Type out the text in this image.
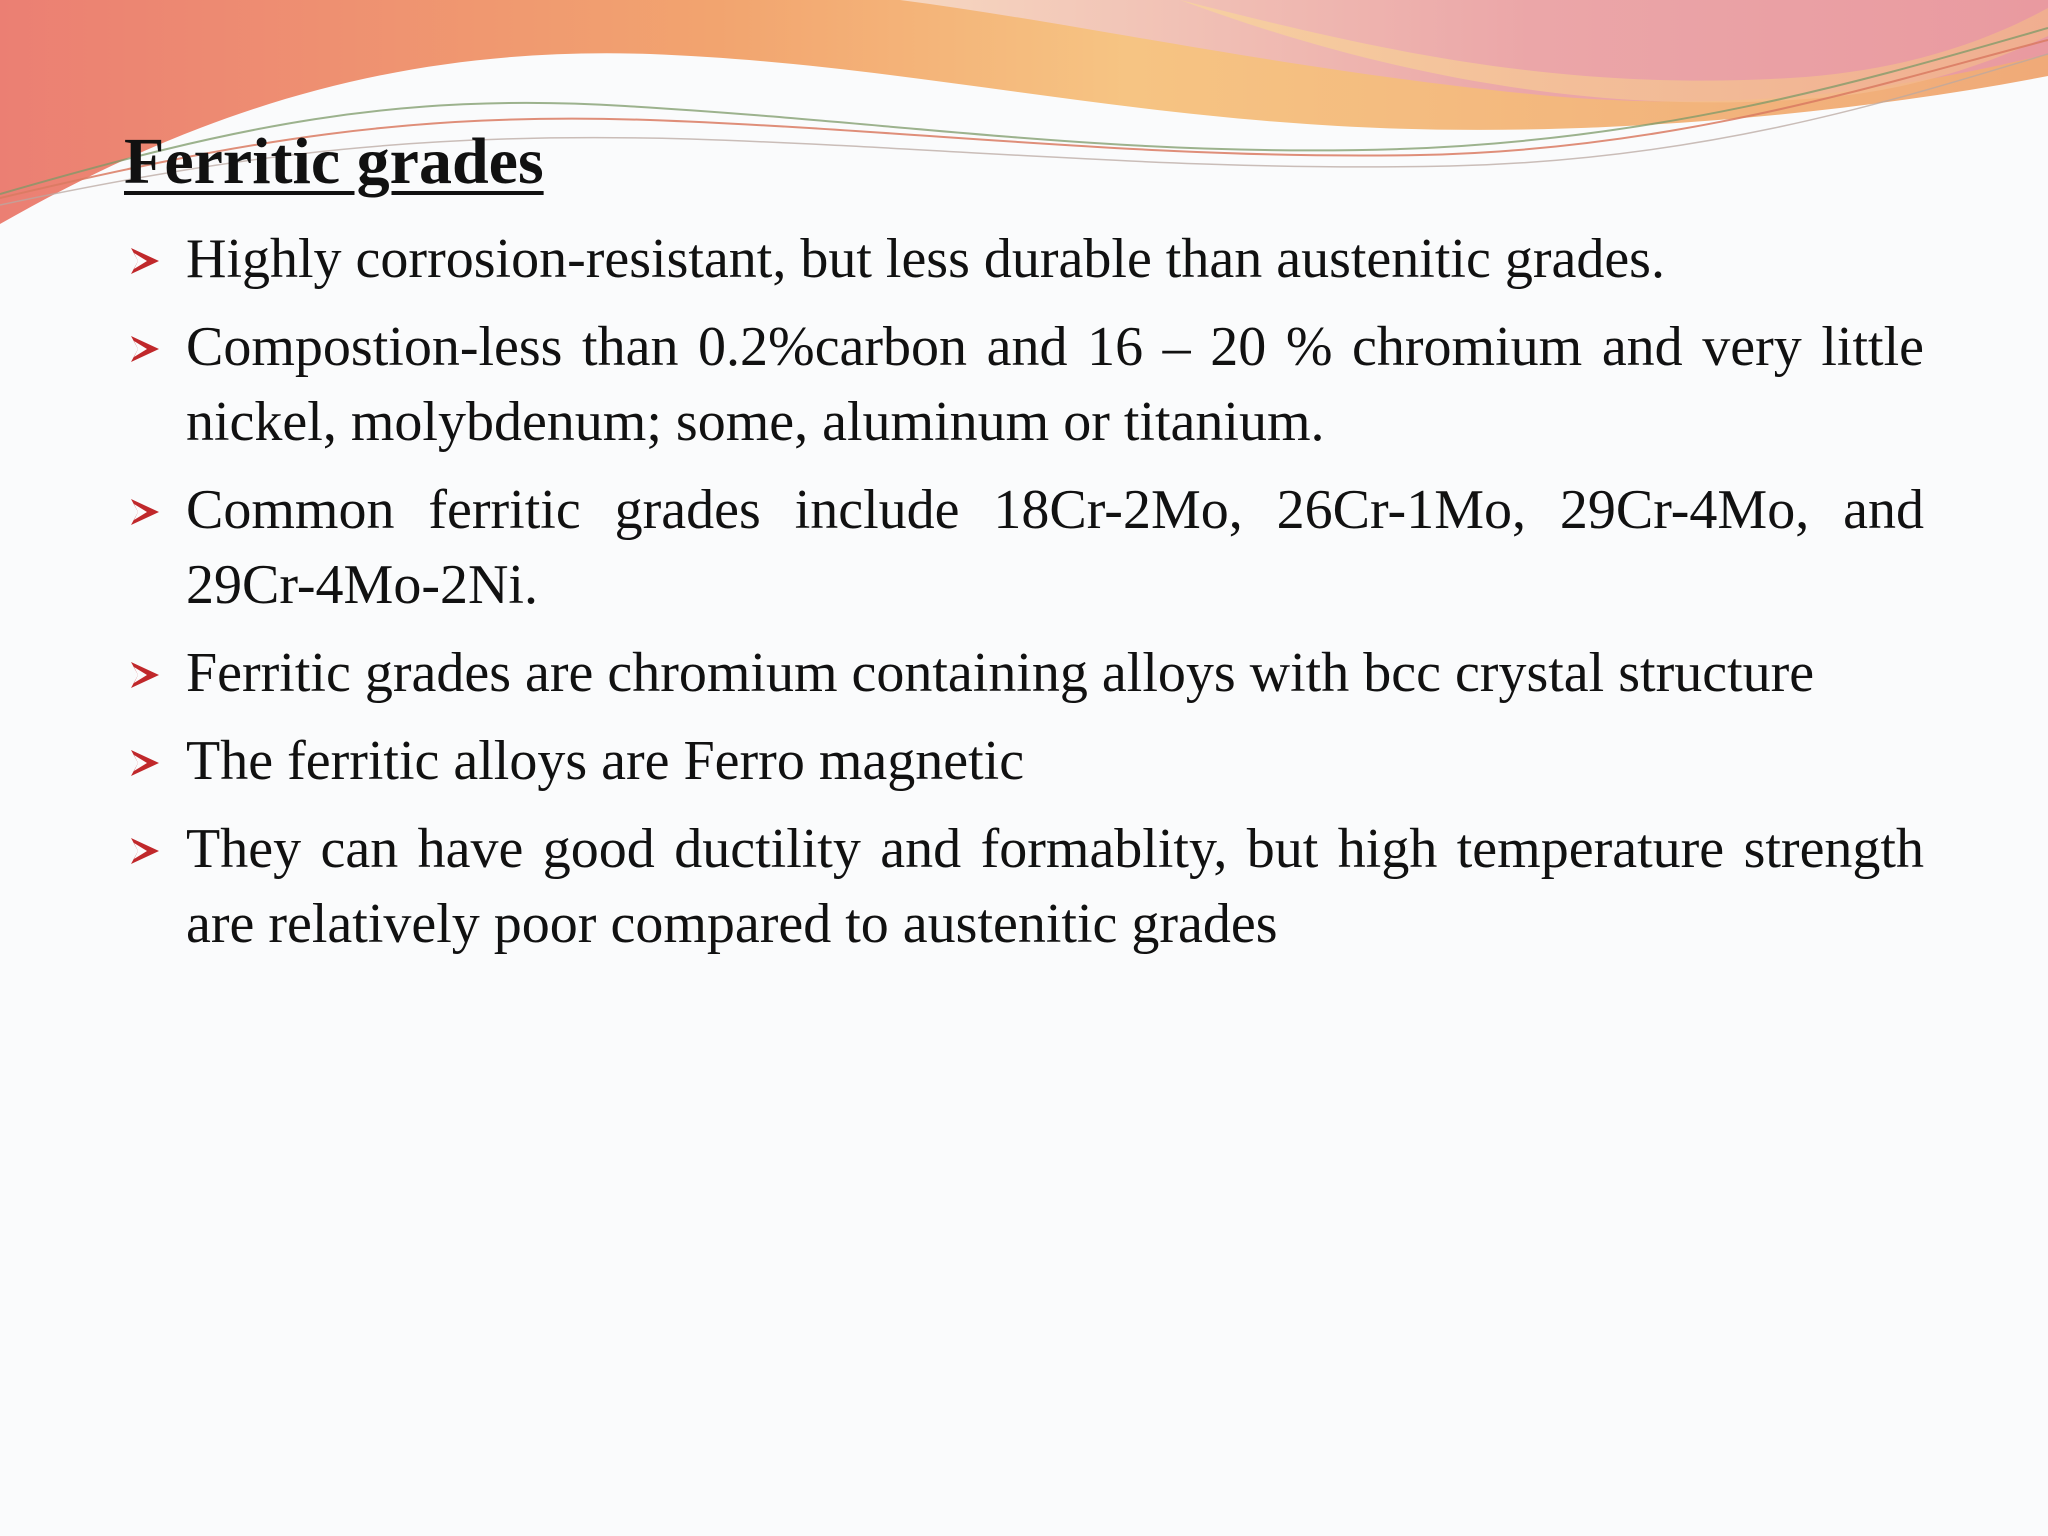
Ferritic grades
Highly corrosion-resistant, but less durable than austenitic grades.
Compostion-less than 0.2%carbon and 16 – 20 % chromium and very little nickel, molybdenum; some, aluminum or titanium.
Common ferritic grades include 18Cr-2Mo, 26Cr-1Mo, 29Cr-4Mo, and 29Cr-4Mo-2Ni.
Ferritic grades are chromium containing alloys with bcc crystal structure
The ferritic alloys are Ferro magnetic
They can have good ductility and formablity, but high temperature strength are relatively poor compared to austenitic grades
